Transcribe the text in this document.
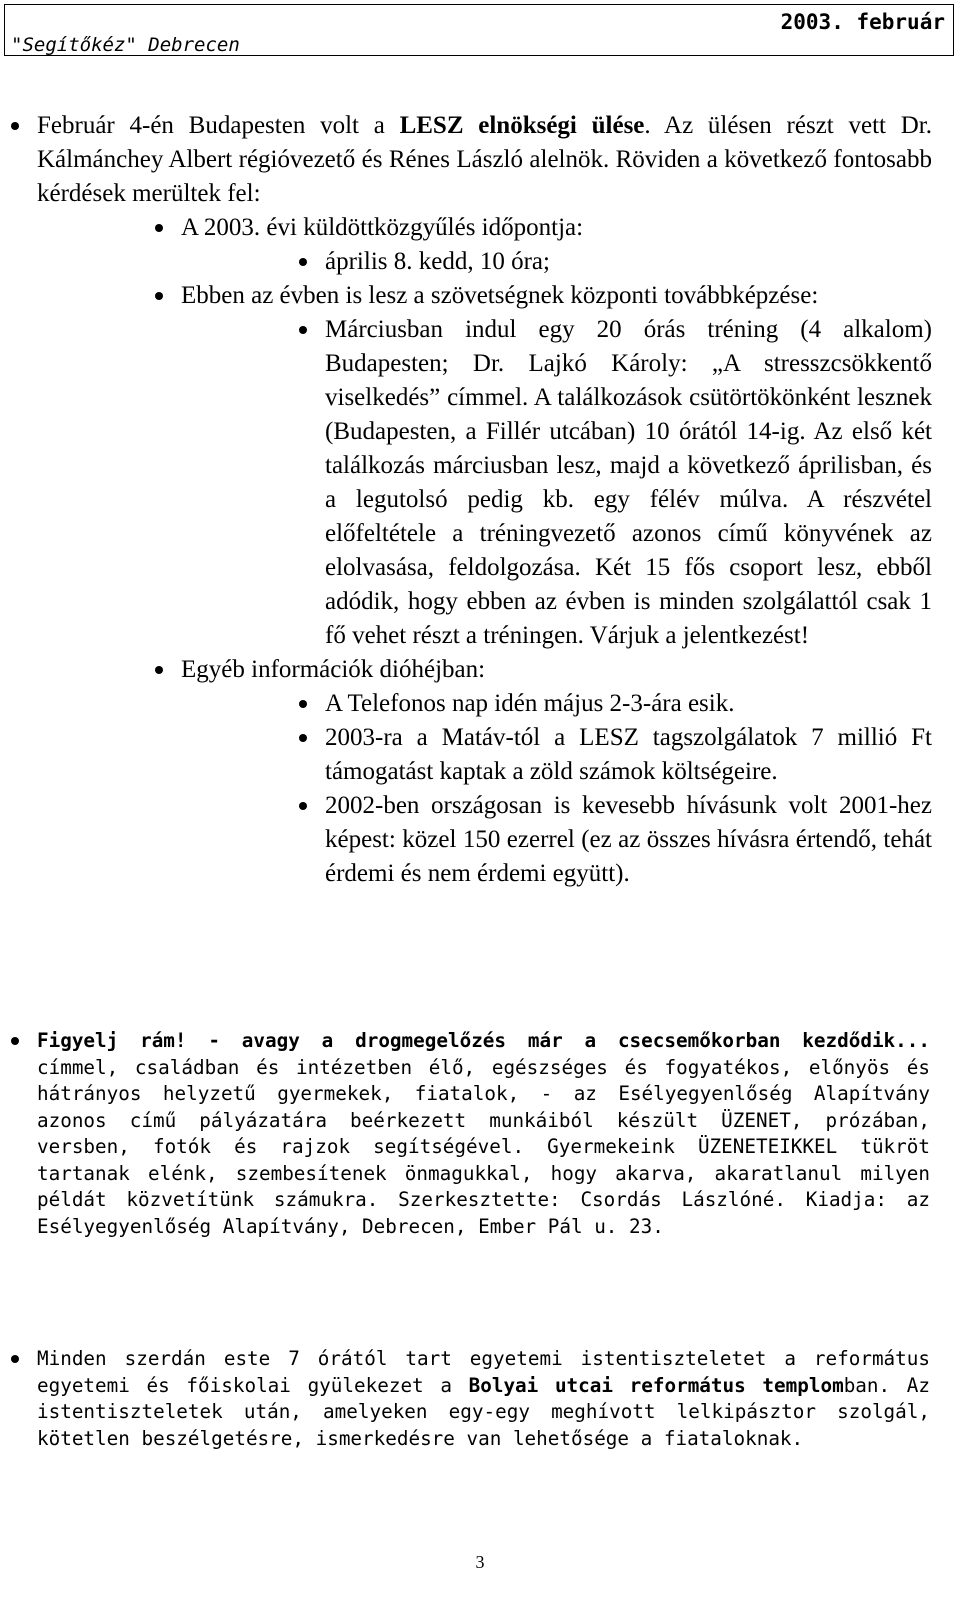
"Segítőkéz" Debrecen
2003. február
Február 4-én Budapesten volt a LESZ elnökségi ülése. Az ülésen részt vett Dr. Kálmánchey Albert régióvezető és Rénes László alelnök. Röviden a következő fontosabb kérdések merültek fel:
A 2003. évi küldöttközgyűlés időpontja:
április 8. kedd, 10 óra;
Ebben az évben is lesz a szövetségnek központi továbbképzése:
Márciusban indul egy 20 órás tréning (4 alkalom) Budapesten; Dr. Lajkó Károly: „A stresszcsökkentő viselkedés” címmel. A találkozások csütörtökönként lesznek (Budapesten, a Fillér utcában) 10 órától 14-ig. Az első két találkozás márciusban lesz, majd a következő áprilisban, és a legutolsó pedig kb. egy félév múlva. A részvétel előfeltétele a tréningvezető azonos című könyvének az elolvasása, feldolgozása. Két 15 fős csoport lesz, ebből adódik, hogy ebben az évben is minden szolgálattól csak 1 fő vehet részt a tréningen. Várjuk a jelentkezést!
Egyéb információk dióhéjban:
A Telefonos nap idén május 2-3-ára esik.
2003-ra a Matáv-tól a LESZ tagszolgálatok 7 millió Ft támogatást kaptak a zöld számok költségeire.
2002-ben országosan is kevesebb hívásunk volt 2001-hez képest: közel 150 ezerrel (ez az összes hívásra értendő, tehát érdemi és nem érdemi együtt).
Figyelj rám! - avagy a drogmegelőzés már a csecsemőkorban kezdődik... címmel, családban és intézetben élő, egészséges és fogyatékos, előnyös és hátrányos helyzetű gyermekek, fiatalok, - az Esélyegyenlőség Alapítvány azonos című pályázatára beérkezett munkáiból készült ÜZENET, prózában, versben, fotók és rajzok segítségével. Gyermekeink ÜZENETEIKKEL tükröt tartanak elénk, szembesítenek önmagukkal, hogy akarva, akaratlanul milyen példát közvetítünk számukra. Szerkesztette: Csordás Lászlóné. Kiadja: az Esélyegyenlőség Alapítvány, Debrecen, Ember Pál u. 23.
Minden szerdán este 7 órától tart egyetemi istentiszteletet a református egyetemi és főiskolai gyülekezet a Bolyai utcai református templomban. Az istentiszteletek után, amelyeken egy-egy meghívott lelkipásztor szolgál, kötetlen beszélgetésre, ismerkedésre van lehetősége a fiataloknak.
3
